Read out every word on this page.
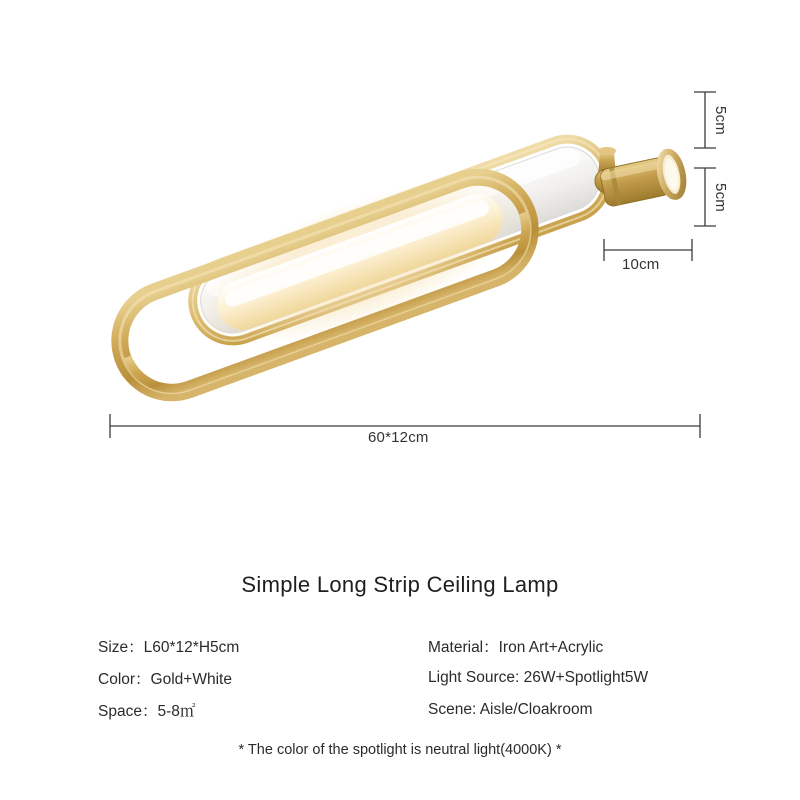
60*12cm
5cm
5cm
10cm
Simple Long Strip Ceiling Lamp
Size：L60*12*H5cm	Material：Iron Art+Acrylic
Color：Gold+White	Light Source: 26W+Spotlight5W
Space：5-8㎡	Scene: Aisle/Cloakroom
* The color of the spotlight is neutral light(4000K) *
